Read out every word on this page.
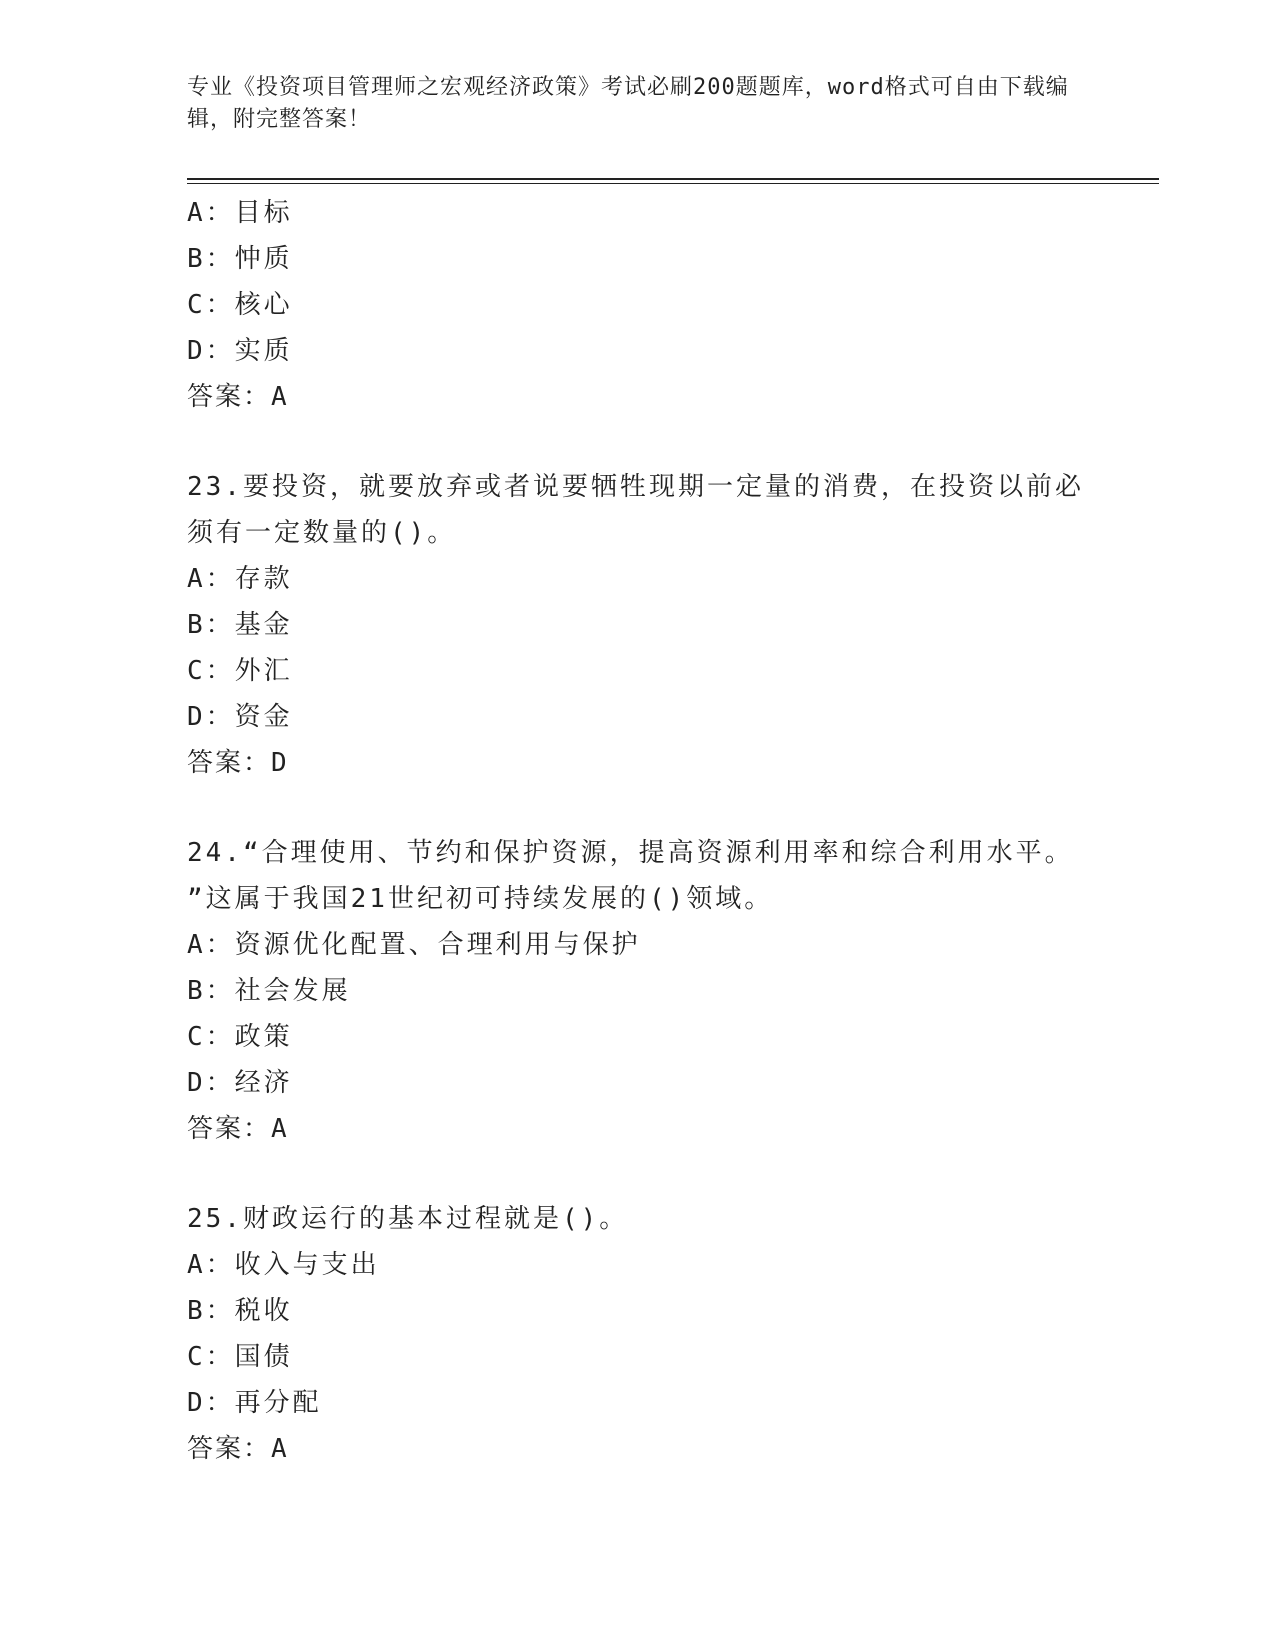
专业《投资项目管理师之宏观经济政策》考试必刷200题题库，word格式可自由下载编辑，附完整答案！
A：目标
B：忡质
C：核心
D：实质
答案：A
23.要投资，就要放弃或者说要牺牲现期一定量的消费，在投资以前必
须有一定数量的()。
A：存款
B：基金
C：外汇
D：资金
答案：D
24.“合理使用、节约和保护资源，提高资源利用率和综合利用水平。
”这属于我国21世纪初可持续发展的()领域。
A：资源优化配置、合理利用与保护
B：社会发展
C：政策
D：经济
答案：A
25.财政运行的基本过程就是()。
A：收入与支出
B：税收
C：国债
D：再分配
答案：A
